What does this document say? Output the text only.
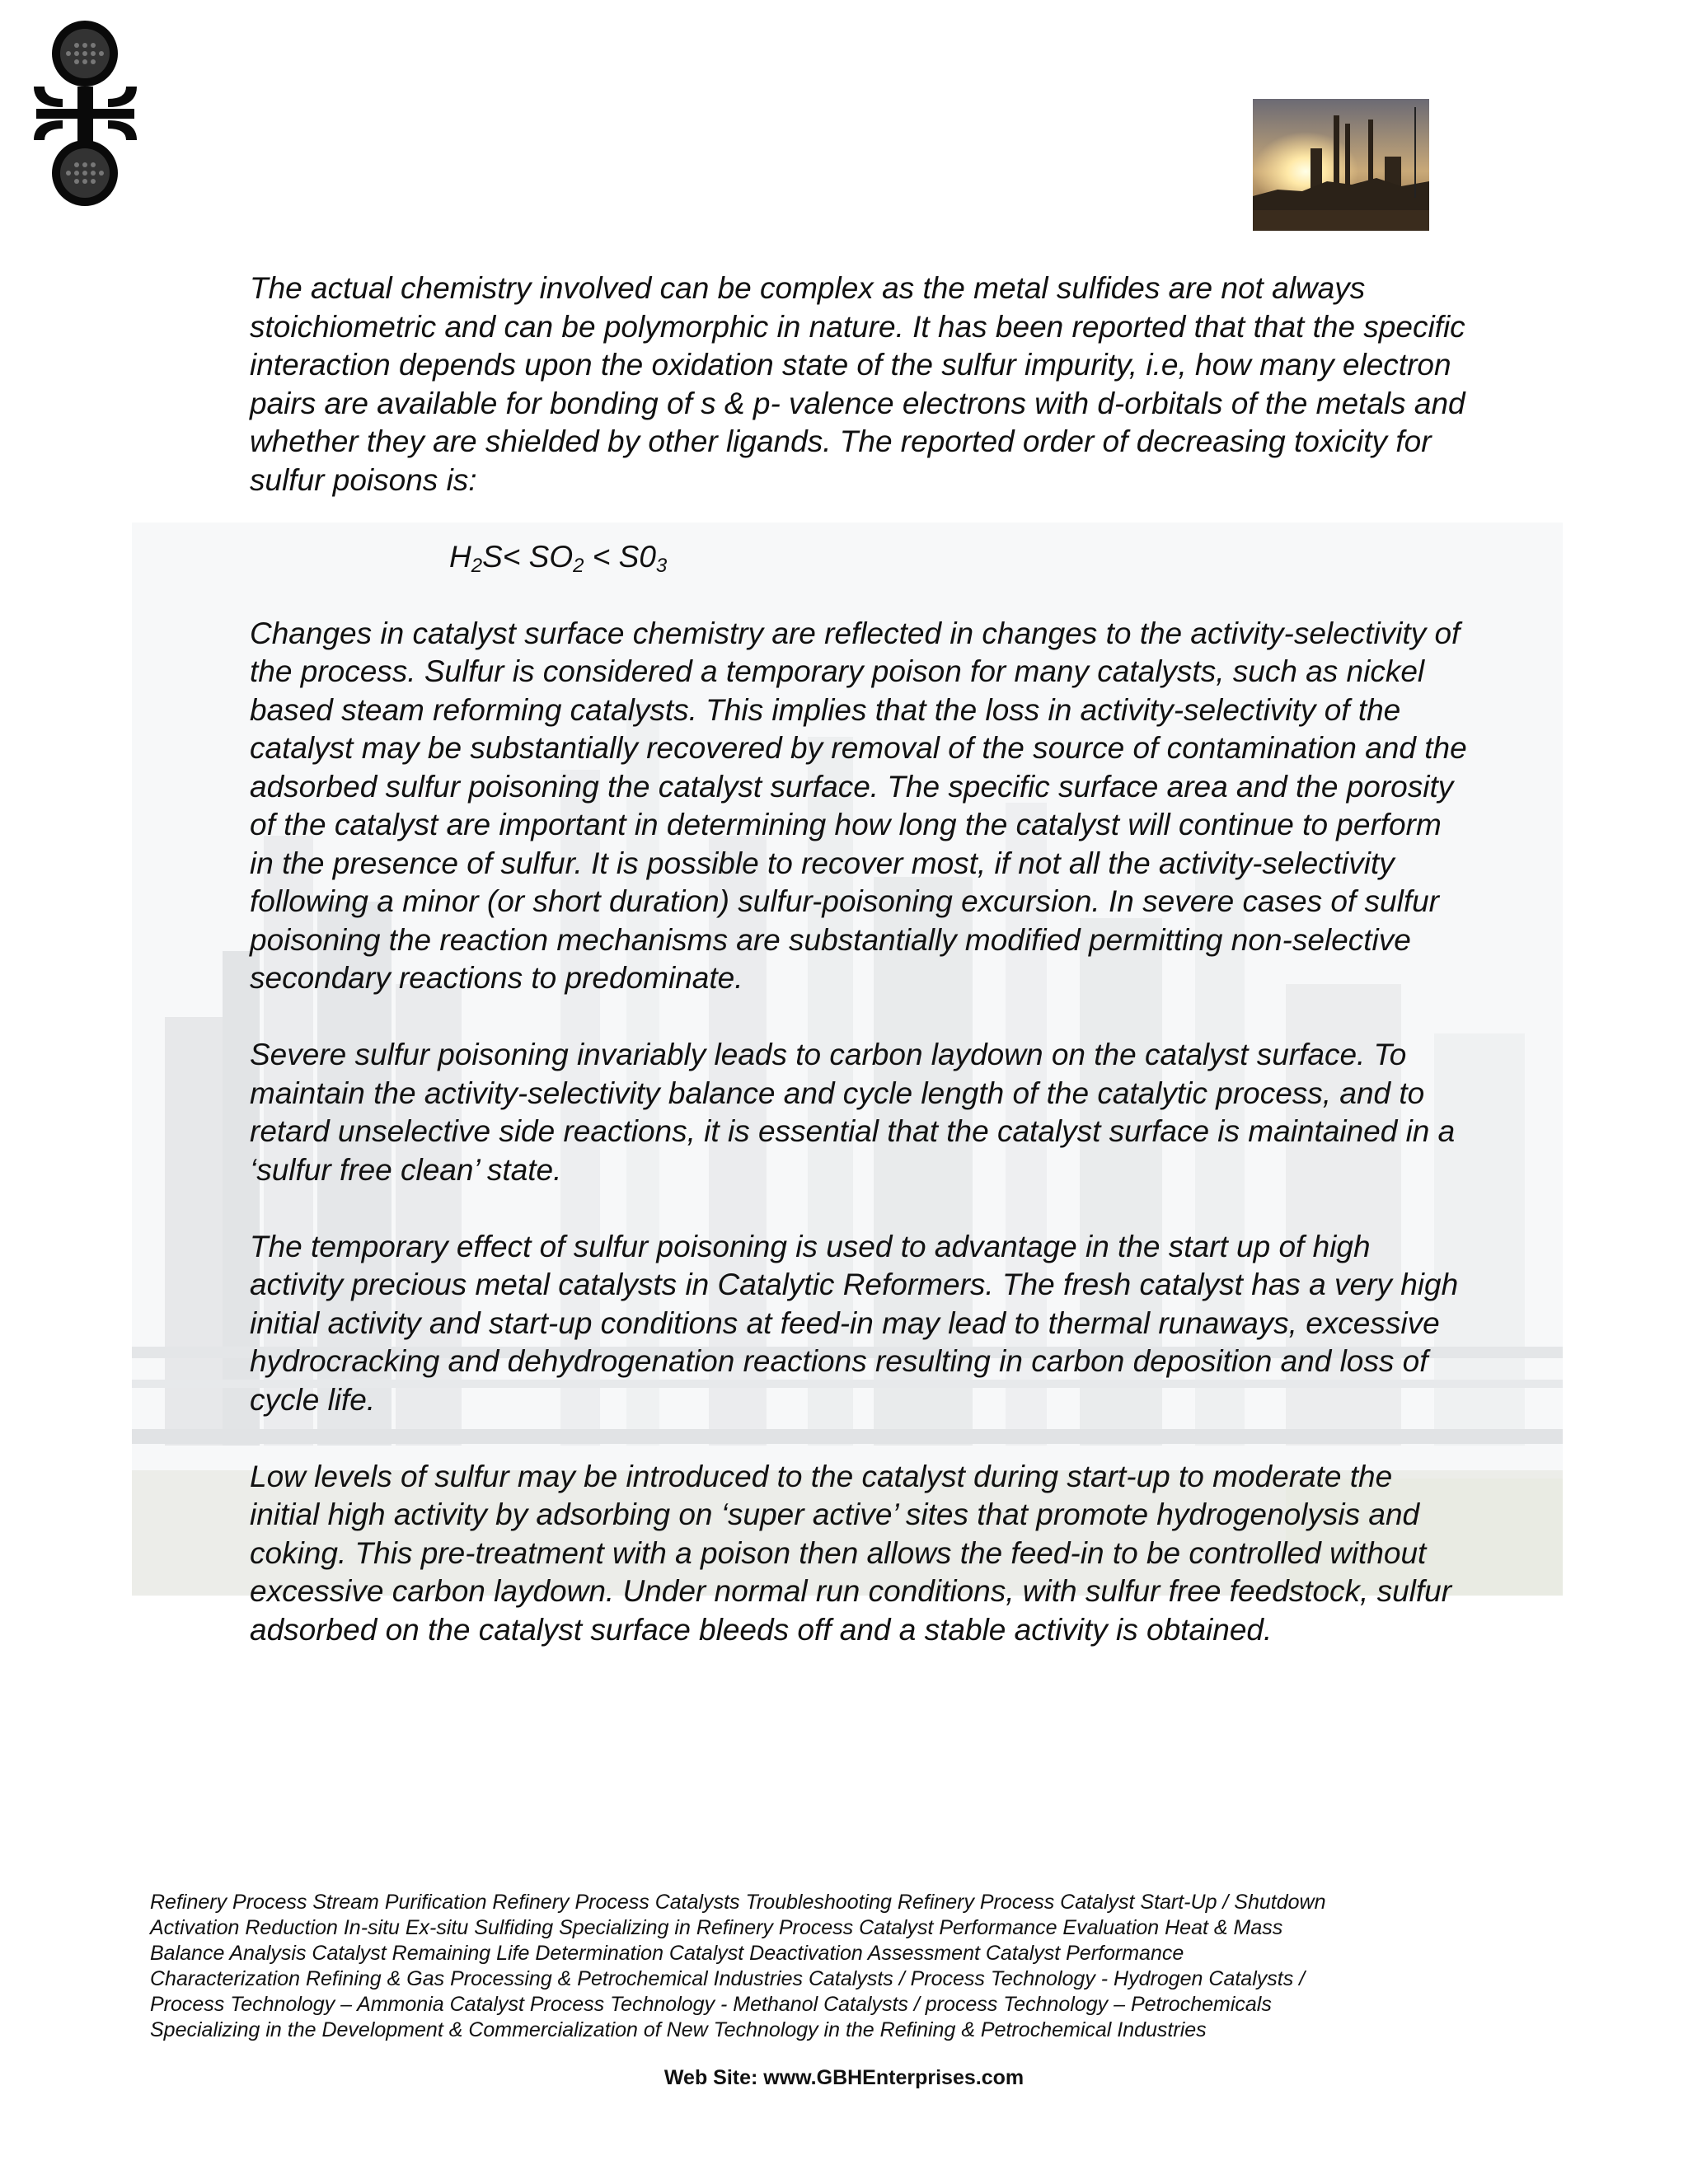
The actual chemistry involved can be complex as the metal sulfides are not always stoichiometric and can be polymorphic in nature. It has been reported that that the specific interaction depends upon the oxidation state of the sulfur impurity, i.e, how many electron pairs are available for bonding of s & p- valence electrons with d-orbitals of the metals and whether they are shielded by other ligands. The reported order of decreasing toxicity for sulfur poisons is:

$H_2S< SO_2 < S0_3$

Changes in catalyst surface chemistry are reflected in changes to the activity-selectivity of the process. Sulfur is considered a temporary poison for many catalysts, such as nickel based steam reforming catalysts. This implies that the loss in activity-selectivity of the catalyst may be substantially recovered by removal of the source of contamination and the adsorbed sulfur poisoning the catalyst surface. The specific surface area and the porosity of the catalyst are important in determining how long the catalyst will continue to perform in the presence of sulfur. It is possible to recover most, if not all the activity-selectivity following a minor (or short duration) sulfur-poisoning excursion. In severe cases of sulfur poisoning the reaction mechanisms are substantially modified permitting non-selective secondary reactions to predominate.

Severe sulfur poisoning invariably leads to carbon laydown on the catalyst surface. To maintain the activity-selectivity balance and cycle length of the catalytic process, and to retard unselective side reactions, it is essential that the catalyst surface is maintained in a ‘sulfur free clean’ state.

The temporary effect of sulfur poisoning is used to advantage in the start up of high activity precious metal catalysts in Catalytic Reformers. The fresh catalyst has a very high initial activity and start-up conditions at feed-in may lead to thermal runaways, excessive hydrocracking and dehydrogenation reactions resulting in carbon deposition and loss of cycle life.

Low levels of sulfur may be introduced to the catalyst during start-up to moderate the initial high activity by adsorbing on ‘super active’ sites that promote hydrogenolysis and coking. This pre-treatment with a poison then allows the feed-in to be controlled without excessive carbon laydown. Under normal run conditions, with sulfur free feedstock, sulfur adsorbed on the catalyst surface bleeds off and a stable activity is obtained.

Refinery Process Stream Purification Refinery Process Catalysts Troubleshooting Refinery Process Catalyst Start-Up / Shutdown
Activation Reduction In-situ Ex-situ Sulfiding Specializing in Refinery Process Catalyst Performance Evaluation Heat & Mass
Balance Analysis Catalyst Remaining Life Determination Catalyst Deactivation Assessment Catalyst Performance
Characterization Refining & Gas Processing & Petrochemical Industries Catalysts / Process Technology - Hydrogen Catalysts /
Process Technology – Ammonia Catalyst Process Technology - Methanol Catalysts / process Technology – Petrochemicals
Specializing in the Development & Commercialization of New Technology in the Refining & Petrochemical Industries
Web Site: www.GBHEnterprises.com
